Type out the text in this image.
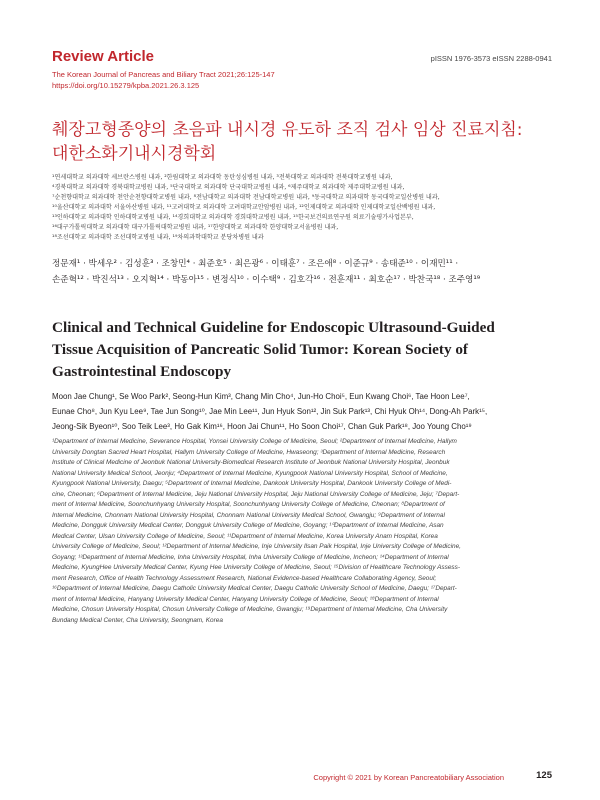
Review Article	pISSN 1976-3573 eISSN 2288-0941
The Korean Journal of Pancreas and Biliary Tract 2021;26:125-147
https://doi.org/10.15279/kpba.2021.26.3.125
췌장고형종양의 초음파 내시경 유도하 조직 검사 임상 진료지침:
대한소화기내시경학회
¹연세대학교 의과대학 세브란스병원 내과, ²한림대학교 의과대학 동탄성심병원 내과, ³전북대학교 의과대학 전북대학교병원 내과,
⁴경북대학교 의과대학 경북대학교병원 내과, ⁵단국대학교 의과대학 단국대학교병원 내과, ⁶제주대학교 의과대학 제주대학교병원 내과,
⁷순천향대학교 의과대학 천안순천향대학교병원 내과, ⁸전남대학교 의과대학 전남대학교병원 내과, ⁹동국대학교 의과대학 동국대학교일산병원 내과,
¹⁰울산대학교 의과대학 서울아산병원 내과, ¹¹고려대학교 의과대학 고려대학교안암병원 내과, ¹²인제대학교 의과대학 인제대학교일산백병원 내과,
¹³인하대학교 의과대학 인하대학교병원 내과, ¹⁴경희대학교 의과대학 경희대학교병원 내과, ¹⁵한국보건의료연구원 의료기술평가사업본부,
¹⁶대구가톨릭대학교 의과대학 대구가톨릭대학교병원 내과, ¹⁷한양대학교 의과대학 한양대학교서울병원 내과,
¹⁸조선대학교 의과대학 조선대학교병원 내과, ¹⁹차의과학대학교 분당차병원 내과
정문재¹ · 박세우² · 김성훈³ · 조창민⁴ · 최준호⁵ · 최은광⁶ · 이태훈⁷ · 조은애⁸ · 이준규⁹ · 송태준¹⁰ · 이재민¹¹ ·
손준혁¹² · 박진석¹³ · 오지혁¹⁴ · 박동아¹⁵ · 변정식¹⁰ · 이수택⁹ · 김호각¹⁶ · 전훈재¹¹ · 최호순¹⁷ · 박찬국¹⁸ · 조주영¹⁹
Clinical and Technical Guideline for Endoscopic Ultrasound-Guided
Tissue Acquisition of Pancreatic Solid Tumor: Korean Society of
Gastrointestinal Endoscopy
Moon Jae Chung¹, Se Woo Park², Seong-Hun Kim³, Chang Min Cho⁴, Jun-Ho Choi⁵, Eun Kwang Choi⁶, Tae Hoon Lee⁷,
Eunae Cho⁸, Jun Kyu Lee⁹, Tae Jun Song¹⁰, Jae Min Lee¹¹, Jun Hyuk Son¹², Jin Suk Park¹³, Chi Hyuk Oh¹⁴, Dong-Ah Park¹⁵,
Jeong-Sik Byeon¹⁰, Soo Teik Lee³, Ho Gak Kim¹⁶, Hoon Jai Chun¹¹, Ho Soon Choi¹⁷, Chan Guk Park¹⁸, Joo Young Cho¹⁹
¹Department of Internal Medicine, Severance Hospital, Yonsei University College of Medicine, Seoul; ²Department of Internal Medicine, Hallym
University Dongtan Sacred Heart Hospital, Hallym University College of Medicine, Hwaseong; ³Department of Internal Medicine, Research
Institute of Clinical Medicine of Jeonbuk National University-Biomedical Research Institute of Jeonbuk National University Hospital, Jeonbuk
National University Medical School, Jeonju; ⁴Department of Internal Medicine, Kyungpook National University Hospital, School of Medicine,
Kyungpook National University, Daegu; ⁵Department of Internal Medicine, Dankook University Hospital, Dankook University College of Medi-
cine, Cheonan; ⁶Department of Internal Medicine, Jeju National University Hospital, Jeju National University College of Medicine, Jeju; ⁷Depart-
ment of Internal Medicine, Soonchunhyang University Hospital, Soonchunhyang University College of Medicine, Cheonan; ⁸Department of
Internal Medicine, Chonnam National University Hospital, Chonnam National University Medical School, Gwangju; ⁹Department of Internal
Medicine, Dongguk University Medical Center, Dongguk University College of Medicine, Goyang; ¹⁰Department of Internal Medicine, Asan
Medical Center, Ulsan University College of Medicine, Seoul; ¹¹Department of Internal Medicine, Korea University Anam Hospital, Korea
University College of Medicine, Seoul; ¹²Department of Internal Medicine, Inje University Ilsan Paik Hospital, Inje University College of Medicine,
Goyang; ¹³Department of Internal Medicine, Inha University Hospital, Inha University College of Medicine, Incheon; ¹⁴Department of Internal
Medicine, KyungHee University Medical Center, Kyung Hee University College of Medicine, Seoul; ¹⁵Division of Healthcare Technology Assess-
ment Research, Office of Health Technology Assessment Research, National Evidence-based Healthcare Collaborating Agency, Seoul;
¹⁶Department of Internal Medicine, Daegu Catholic University Medical Center, Daegu Catholic University School of Medicine, Daegu; ¹⁷Depart-
ment of Internal Medicine, Hanyang University Medical Center, Hanyang University College of Medicine, Seoul; ¹⁸Department of Internal
Medicine, Chosun University Hospital, Chosun University College of Medicine, Gwangju; ¹⁹Department of Internal Medicine, Cha University
Bundang Medical Center, Cha University, Seongnam, Korea
Copyright © 2021 by Korean Pancreatobiliary Association	125
